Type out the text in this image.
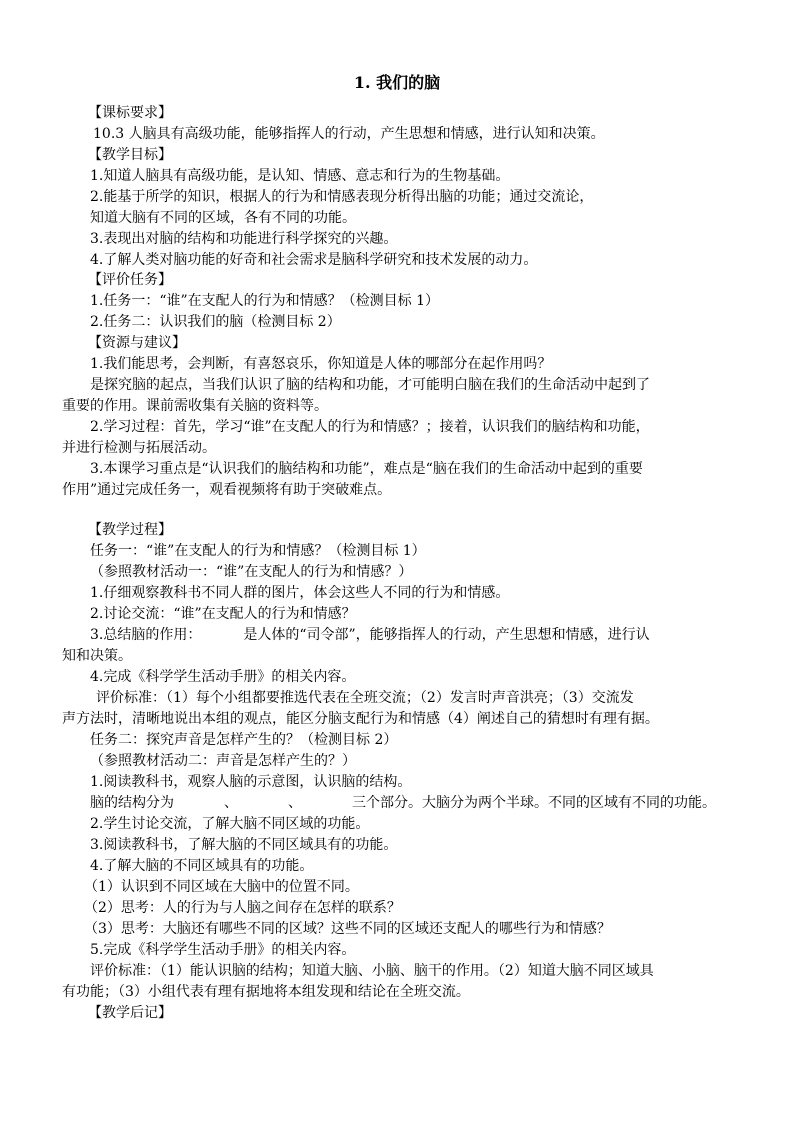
1. 我们的脑
【课标要求】
10.3 人脑具有高级功能，能够指挥人的行动，产生思想和情感，进行认知和决策。
【教学目标】
1.知道人脑具有高级功能，是认知、情感、意志和行为的生物基础。
2.能基于所学的知识，根据人的行为和情感表现分析得出脑的功能；通过交流论，
知道大脑有不同的区域，各有不同的功能。
3.表现出对脑的结构和功能进行科学探究的兴趣。
4.了解人类对脑功能的好奇和社会需求是脑科学研究和技术发展的动力。
【评价任务】
1.任务一：“谁”在支配人的行为和情感？（检测目标 1）
2.任务二：认识我们的脑（检测目标 2）
【资源与建议】
1.我们能思考，会判断，有喜怒哀乐，你知道是人体的哪部分在起作用吗？
是探究脑的起点，当我们认识了脑的结构和功能，才可能明白脑在我们的生命活动中起到了
重要的作用。课前需收集有关脑的资料等。
2.学习过程：首先，学习“谁”在支配人的行为和情感？；接着，认识我们的脑结构和功能，
并进行检测与拓展活动。
3.本课学习重点是“认识我们的脑结构和功能”，难点是“脑在我们的生命活动中起到的重要
作用”通过完成任务一，观看视频将有助于突破难点。
【教学过程】
任务一：“谁”在支配人的行为和情感？（检测目标 1）
（参照教材活动一：“谁”在支配人的行为和情感？）
1.仔细观察教科书不同人群的图片，体会这些人不同的行为和情感。
2.讨论交流：“谁”在支配人的行为和情感？
3.总结脑的作用：	是人体的“司令部”，能够指挥人的行动，产生思想和情感，进行认
知和决策。
4.完成《科学学生活动手册》的相关内容。
评价标准：（1）每个小组都要推选代表在全班交流；（2）发言时声音洪亮；（3）交流发
声方法时，清晰地说出本组的观点，能区分脑支配行为和情感（4）阐述自己的猜想时有理有据。
任务二：探究声音是怎样产生的？（检测目标 2）
（参照教材活动二：声音是怎样产生的？）
1.阅读教科书，观察人脑的示意图，认识脑的结构。
脑的结构分为	、	、	三个部分。大脑分为两个半球。不同的区域有不同的功能。
2.学生讨论交流，了解大脑不同区域的功能。
3.阅读教科书，了解大脑的不同区域具有的功能。
4.了解大脑的不同区域具有的功能。
（1）认识到不同区域在大脑中的位置不同。
（2）思考：人的行为与人脑之间存在怎样的联系？
（3）思考：大脑还有哪些不同的区域？这些不同的区域还支配人的哪些行为和情感？
5.完成《科学学生活动手册》的相关内容。
评价标准：（1）能认识脑的结构；知道大脑、小脑、脑干的作用。（2）知道大脑不同区域具
有功能；（3）小组代表有理有据地将本组发现和结论在全班交流。
【教学后记】
